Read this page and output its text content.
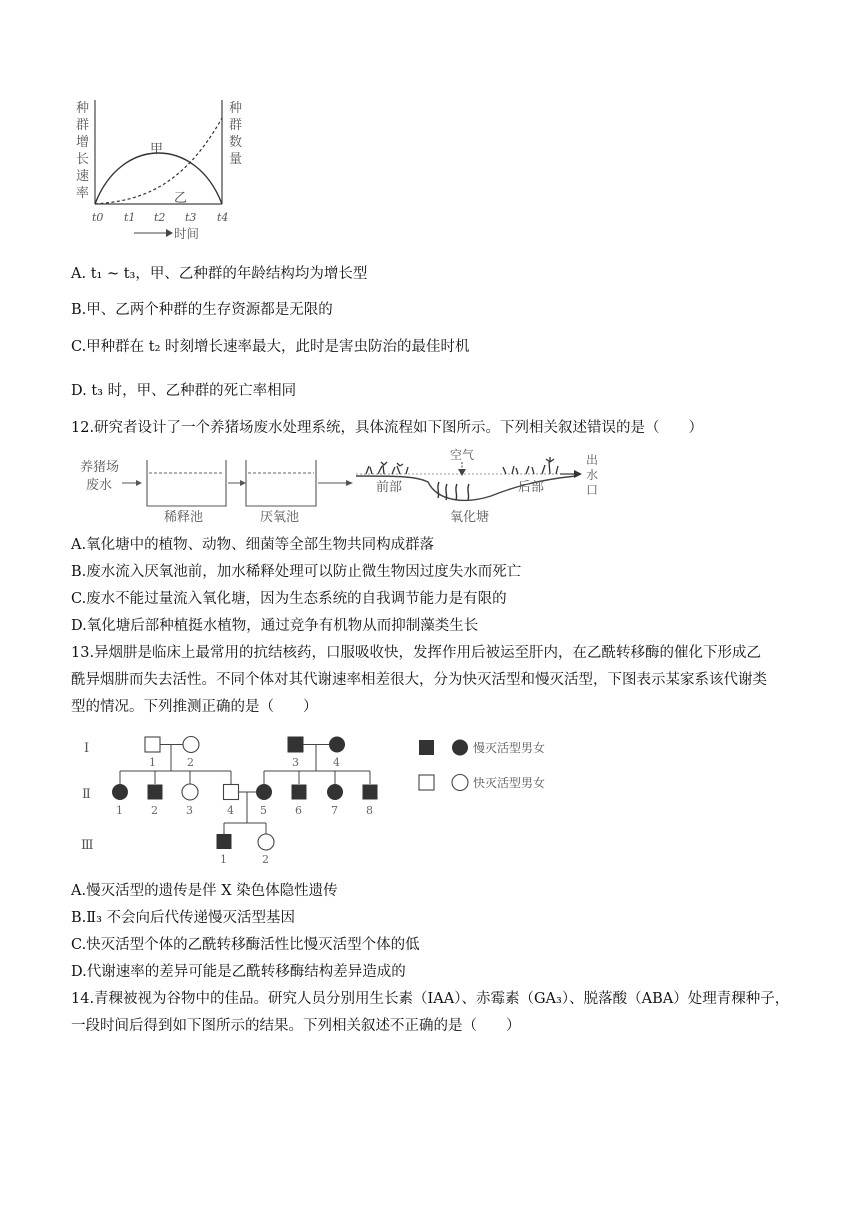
种
群
增
长
速
率
种
群
数
量
甲
乙
t0 t1 t2 t3 t4
时间
A. t₁ ~ t₃，甲、乙种群的年龄结构均为增长型
B.甲、乙两个种群的生存资源都是无限的
C.甲种群在 t₂ 时刻增长速率最大，此时是害虫防治的最佳时机
D. t₃ 时，甲、乙种群的死亡率相同
12.研究者设计了一个养猪场废水处理系统，具体流程如下图所示。下列相关叙述错误的是（　　）
养猪场
废水
稀释池	厌氧池
空气
前部	后部
氧化塘
出
水
口
A.氧化塘中的植物、动物、细菌等全部生物共同构成群落
B.废水流入厌氧池前，加水稀释处理可以防止微生物因过度失水而死亡
C.废水不能过量流入氧化塘，因为生态系统的自我调节能力是有限的
D.氧化塘后部种植挺水植物，通过竞争有机物从而抑制藻类生长
13.异烟肼是临床上最常用的抗结核药，口服吸收快，发挥作用后被运至肝内，在乙酰转移酶的催化下形成乙
酰异烟肼而失去活性。不同个体对其代谢速率相差很大，分为快灭活型和慢灭活型，下图表示某家系该代谢类
型的情况。下列推测正确的是（　　）
Ⅰ
Ⅱ
Ⅲ
1	2	3	4
1	2	3	4 5	6	7	8
1	2
慢灭活型男女
快灭活型男女
A.慢灭活型的遗传是伴 X 染色体隐性遗传
B.Ⅱ₃ 不会向后代传递慢灭活型基因
C.快灭活型个体的乙酰转移酶活性比慢灭活型个体的低
D.代谢速率的差异可能是乙酰转移酶结构差异造成的
14.青稞被视为谷物中的佳品。研究人员分别用生长素（IAA）、赤霉素（GA₃）、脱落酸（ABA）处理青稞种子，
一段时间后得到如下图所示的结果。下列相关叙述不正确的是（　　）
